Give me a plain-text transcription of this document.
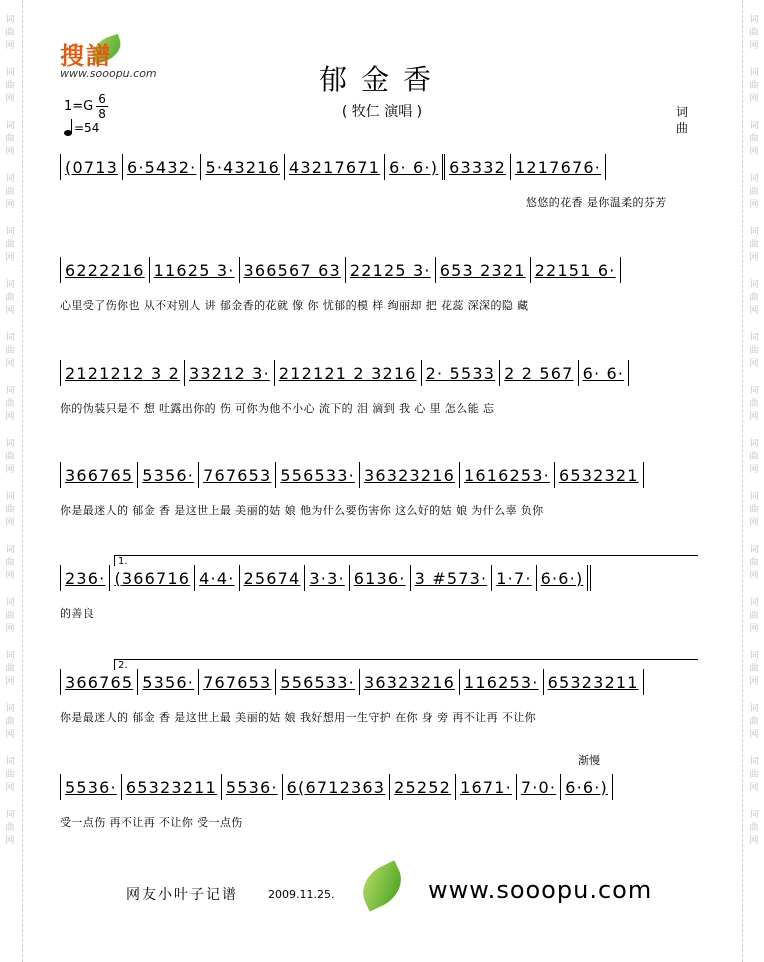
词
曲
网
词
曲
网
词
曲
网
词
曲
网
词
曲
网
词
曲
网
词
曲
网
词
曲
网
词
曲
网
词
曲
网
词
曲
网
词
曲
网
词
曲
网
词
曲
网
词
曲
网
词
曲
网
词
曲
网
词
曲
网
词
曲
网
词
曲
网
词
曲
网
词
曲
网
词
曲
网
词
曲
网
词
曲
网
词
曲
网
词
曲
网
词
曲
网
词
曲
网
词
曲
网
词
曲
网
词
曲
网
搜譜
www.sooopu.com	郁金香
( 牧仁 演唱 )
$1=G \frac{6}{8}$
=54
词
曲
(0713 6·5432· 5·43216 43217671 6· 6·) 63332 1217676·
悠悠的花香 是你温柔的芬芳
6222216 11625 3· 366567 63 22125 3· 653 2321 22151 6·
心里受了伤你也 从不对别人 讲 郁金香的花就 像 你 忧郁的模 样 绚丽却 把 花蕊 深深的隐 藏
2121212 3 2 33212 3· 212121 2 3216 2· 5533 2 2 567 6· 6·
你的伪装只是不 想 吐露出你的 伤 可你为他不小心 流下的 泪 滴到 我 心 里 怎么能 忘
366765 5356· 767653 556533· 36323216 1616253· 6532321
你是最迷人的 郁金 香 是这世上最 美丽的姑 娘 他为什么要伤害你 这么好的姑 娘 为什么辜 负你
1.
236· (366716 4·4· 25674 3·3· 6136· 3 #573· 1·7· 6·6·)
的善良
2.
366765 5356· 767653 556533· 36323216 116253· 65323211
你是最迷人的 郁金 香 是这世上最 美丽的姑 娘 我好想用一生守护 在你 身 旁 再不让再 不让你
渐慢
5536· 65323211 5536· 6(6712363 25252 1671· 7·0· 6·6·)
受一点伤 再不让再 不让你 受一点伤
网友小叶子记谱	2009.11.25.	www.sooopu.com
